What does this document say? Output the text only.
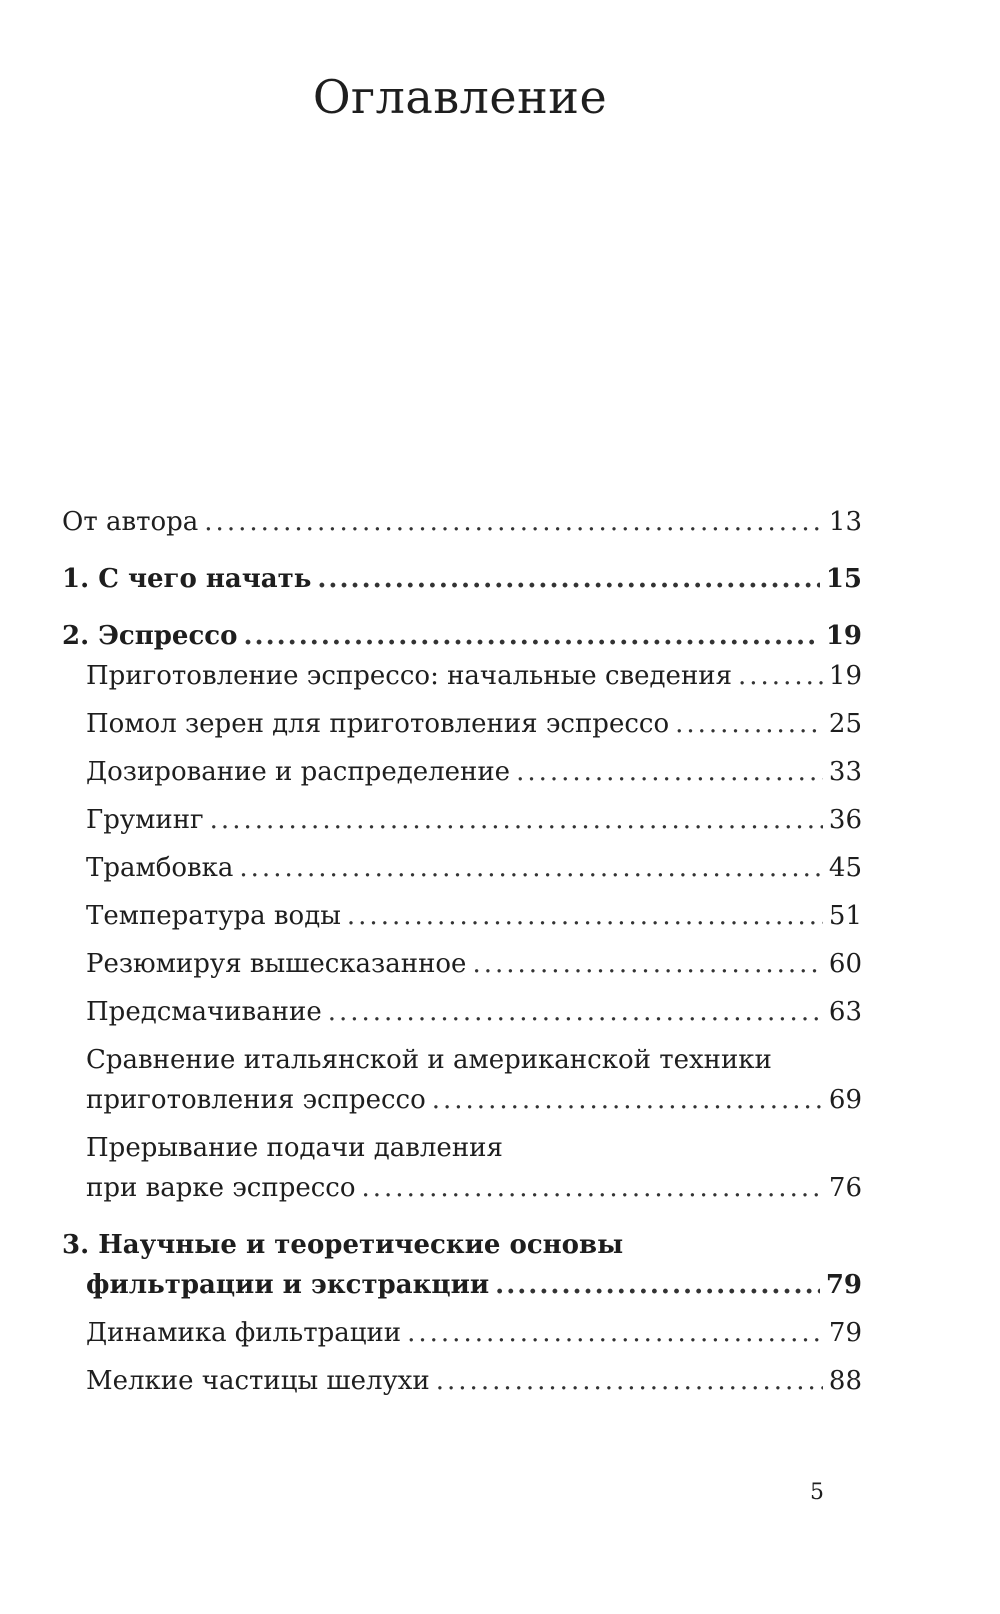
Оглавление
От автора .....	13
1. С чего начать .....	15
2. Эспрессо .....	19
Приготовление эспрессо: начальные сведения .....	19
Помол зерен для приготовления эспрессо .....	25
Дозирование и распределение .....	33
Груминг .....	36
Трамбовка .....	45
Температура воды .....	51
Резюмируя вышесказанное .....	60
Предсмачивание .....	63
Сравнение итальянской и американской техники
приготовления эспрессо .....	69
Прерывание подачи давления
при варке эспрессо .....	76
3. Научные и теоретические основы
фильтрации и экстракции .....	79
Динамика фильтрации .....	79
Мелкие частицы шелухи .....	88
5
